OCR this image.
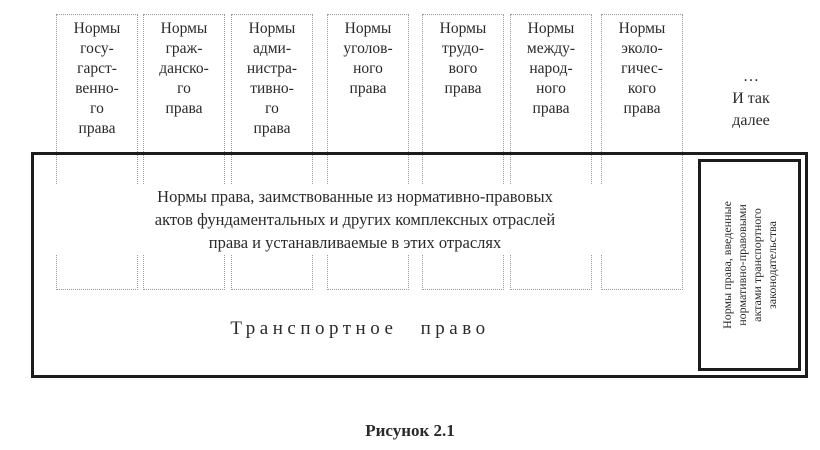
Нормы
госу-
гарст-
венно-
го
права
Нормы
граж-
данско-
го
права
Нормы
адми-
нистра-
тивно-
го
права
Нормы
уголов-
ного
права
Нормы
трудо-
вого
права
Нормы
между-
народ-
ного
права
Нормы
эколо-
гичес-
кого
права
…
И так
далее
Нормы права, заимствованные из нормативно-правовых
актов фундаментальных и других комплексных отраслей
права и устанавливаемые в этих отраслях
Транспортное право	Нормы права, введенные
нормативно-правовыми
актами транспортного
законодательства
Рисунок 2.1
